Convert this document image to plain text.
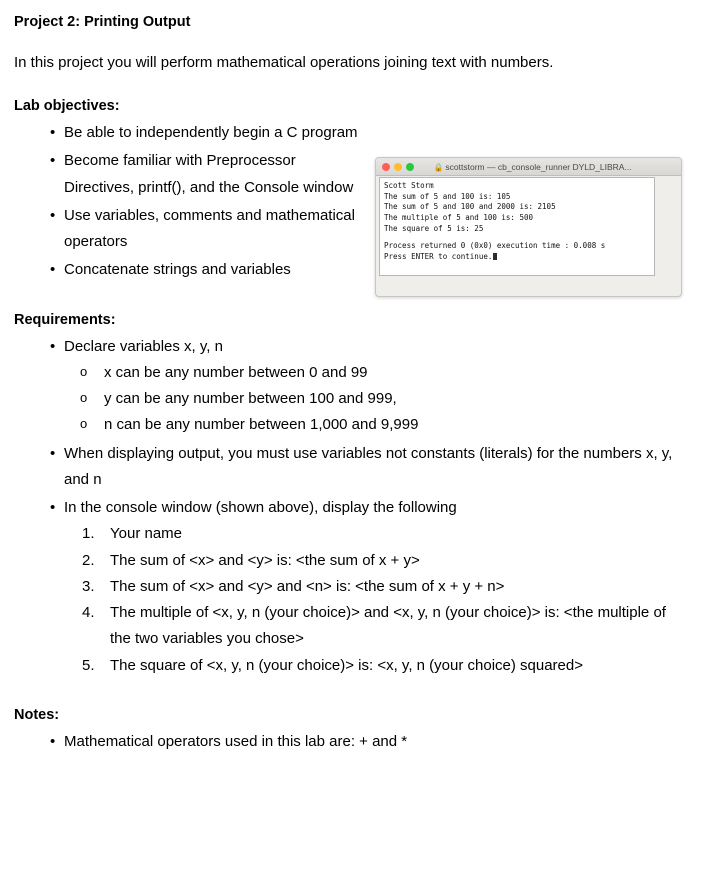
Project 2: Printing Output

In this project you will perform mathematical operations joining text with numbers.

Lab objectives:
• Be able to independently begin a C program
• Become familiar with Preprocessor Directives, printf(), and the Console window
• Use variables, comments and mathematical operators
• Concatenate strings and variables
Requirements:
• Declare variables x, y, n
o x can be any number between 0 and 99
o y can be any number between 100 and 999,
o n can be any number between 1,000 and 9,999
• When displaying output, you must use variables not constants (literals) for the numbers x, y, and n
• In the console window (shown above), display the following
Your name
The sum of <x> and <y> is: <the sum of x + y>
The sum of <x> and <y> and <n> is: <the sum of x + y + n>
The multiple of <x, y, n (your choice)> and <x, y, n (your choice)> is: <the multiple of the two variables you chose>
The square of <x, y, n (your choice)> is: <x, y, n (your choice) squared>
Notes:
• Mathematical operators used in this lab are: + and *
🔒 scottstorm — cb_console_runner DYLD_LIBRA...
Scott Storm
The sum of 5 and 100 is: 105
The sum of 5 and 100 and 2000 is: 2105
The multiple of 5 and 100 is: 500
The square of 5 is: 25
Process returned 0 (0x0) execution time : 0.008 s
Press ENTER to continue.
